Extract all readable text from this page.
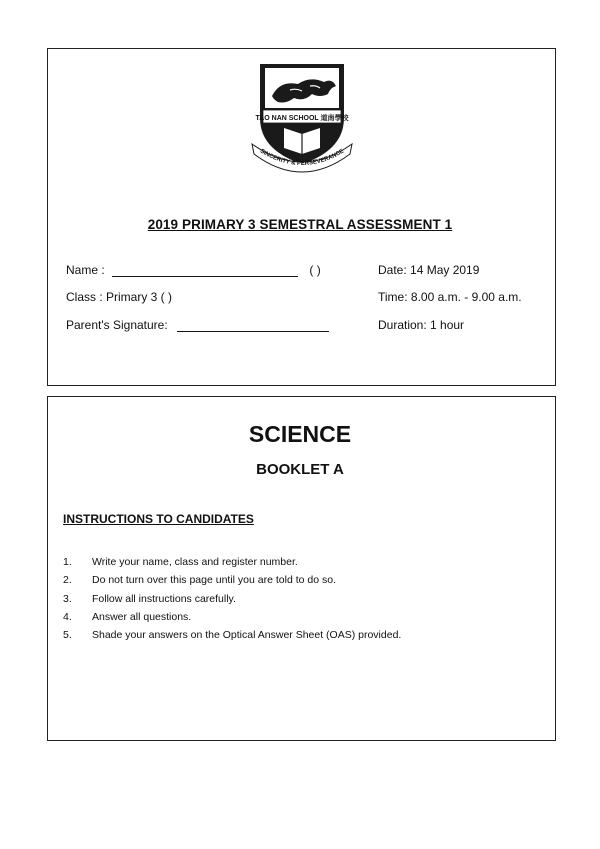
TAO NAN SCHOOL 道南學校
SINCERITY & PERSEVERANCE
2019 PRIMARY 3 SEMESTRAL ASSESSMENT 1
Name :	( )
Class : Primary 3 ( )
Parent's Signature:
Date: 14 May 2019
Time: 8.00 a.m. - 9.00 a.m.
Duration: 1 hour
SCIENCE
BOOKLET A
INSTRUCTIONS TO CANDIDATES
1. Write your name, class and register number.
2. Do not turn over this page until you are told to do so.
3. Follow all instructions carefully.
4. Answer all questions.
5. Shade your answers on the Optical Answer Sheet (OAS) provided.
